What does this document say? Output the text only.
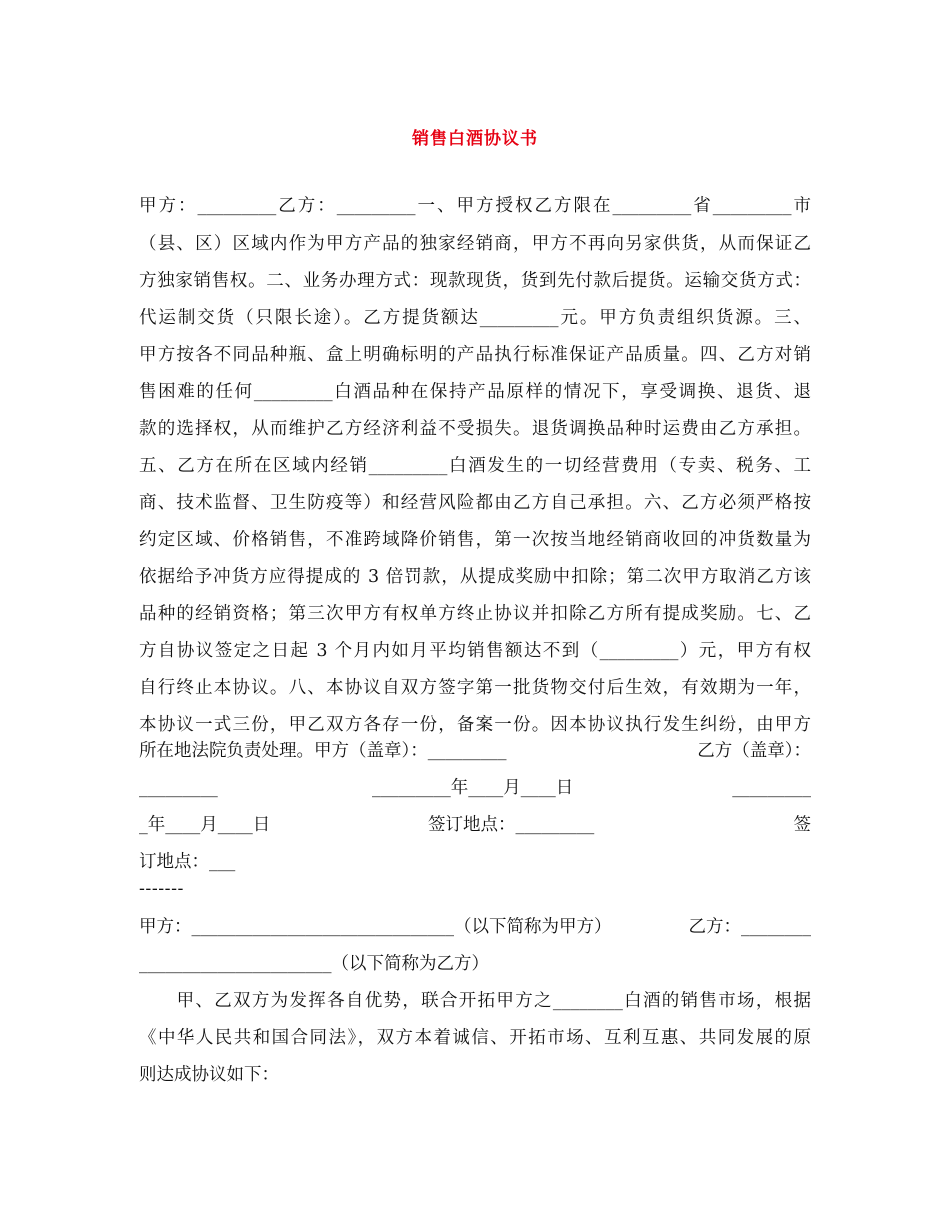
销售白酒协议书
甲方：_________乙方：_________一、甲方授权乙方限在_________省_________市
（县、区）区域内作为甲方产品的独家经销商，甲方不再向另家供货，从而保证乙
方独家销售权。二、业务办理方式：现款现货，货到先付款后提货。运输交货方式：
代运制交货（只限长途）。乙方提货额达_________元。甲方负责组织货源。三、
甲方按各不同品种瓶、盒上明确标明的产品执行标准保证产品质量。四、乙方对销
售困难的任何_________白酒品种在保持产品原样的情况下，享受调换、退货、退
款的选择权，从而维护乙方经济利益不受损失。退货调换品种时运费由乙方承担。
五、乙方在所在区域内经销_________白酒发生的一切经营费用（专卖、税务、工
商、技术监督、卫生防疫等）和经营风险都由乙方自己承担。六、乙方必须严格按
约定区域、价格销售，不准跨域降价销售，第一次按当地经销商收回的冲货数量为
依据给予冲货方应得提成的 3 倍罚款，从提成奖励中扣除；第二次甲方取消乙方该
品种的经销资格；第三次甲方有权单方终止协议并扣除乙方所有提成奖励。七、乙
方自协议签定之日起 3 个月内如月平均销售额达不到（_________）元，甲方有权
自行终止本协议。八、本协议自双方签字第一批货物交付后生效，有效期为一年，
本协议一式三份，甲乙双方各存一份，备案一份。因本协议执行发生纠纷，由甲方
所在地法院负责处理。甲方（盖章）：_________	乙方（盖章）：
_________	_________年____月____日	_________
_年____月____日	签订地点：_________	签
订地点：___
-------
甲方：______________________________（以下简称为甲方）	乙方：________
______________________（以下简称为乙方）
　　甲、乙双方为发挥各自优势，联合开拓甲方之________白酒的销售市场，根据
《中华人民共和国合同法》，双方本着诚信、开拓市场、互利互惠、共同发展的原
则达成协议如下：
